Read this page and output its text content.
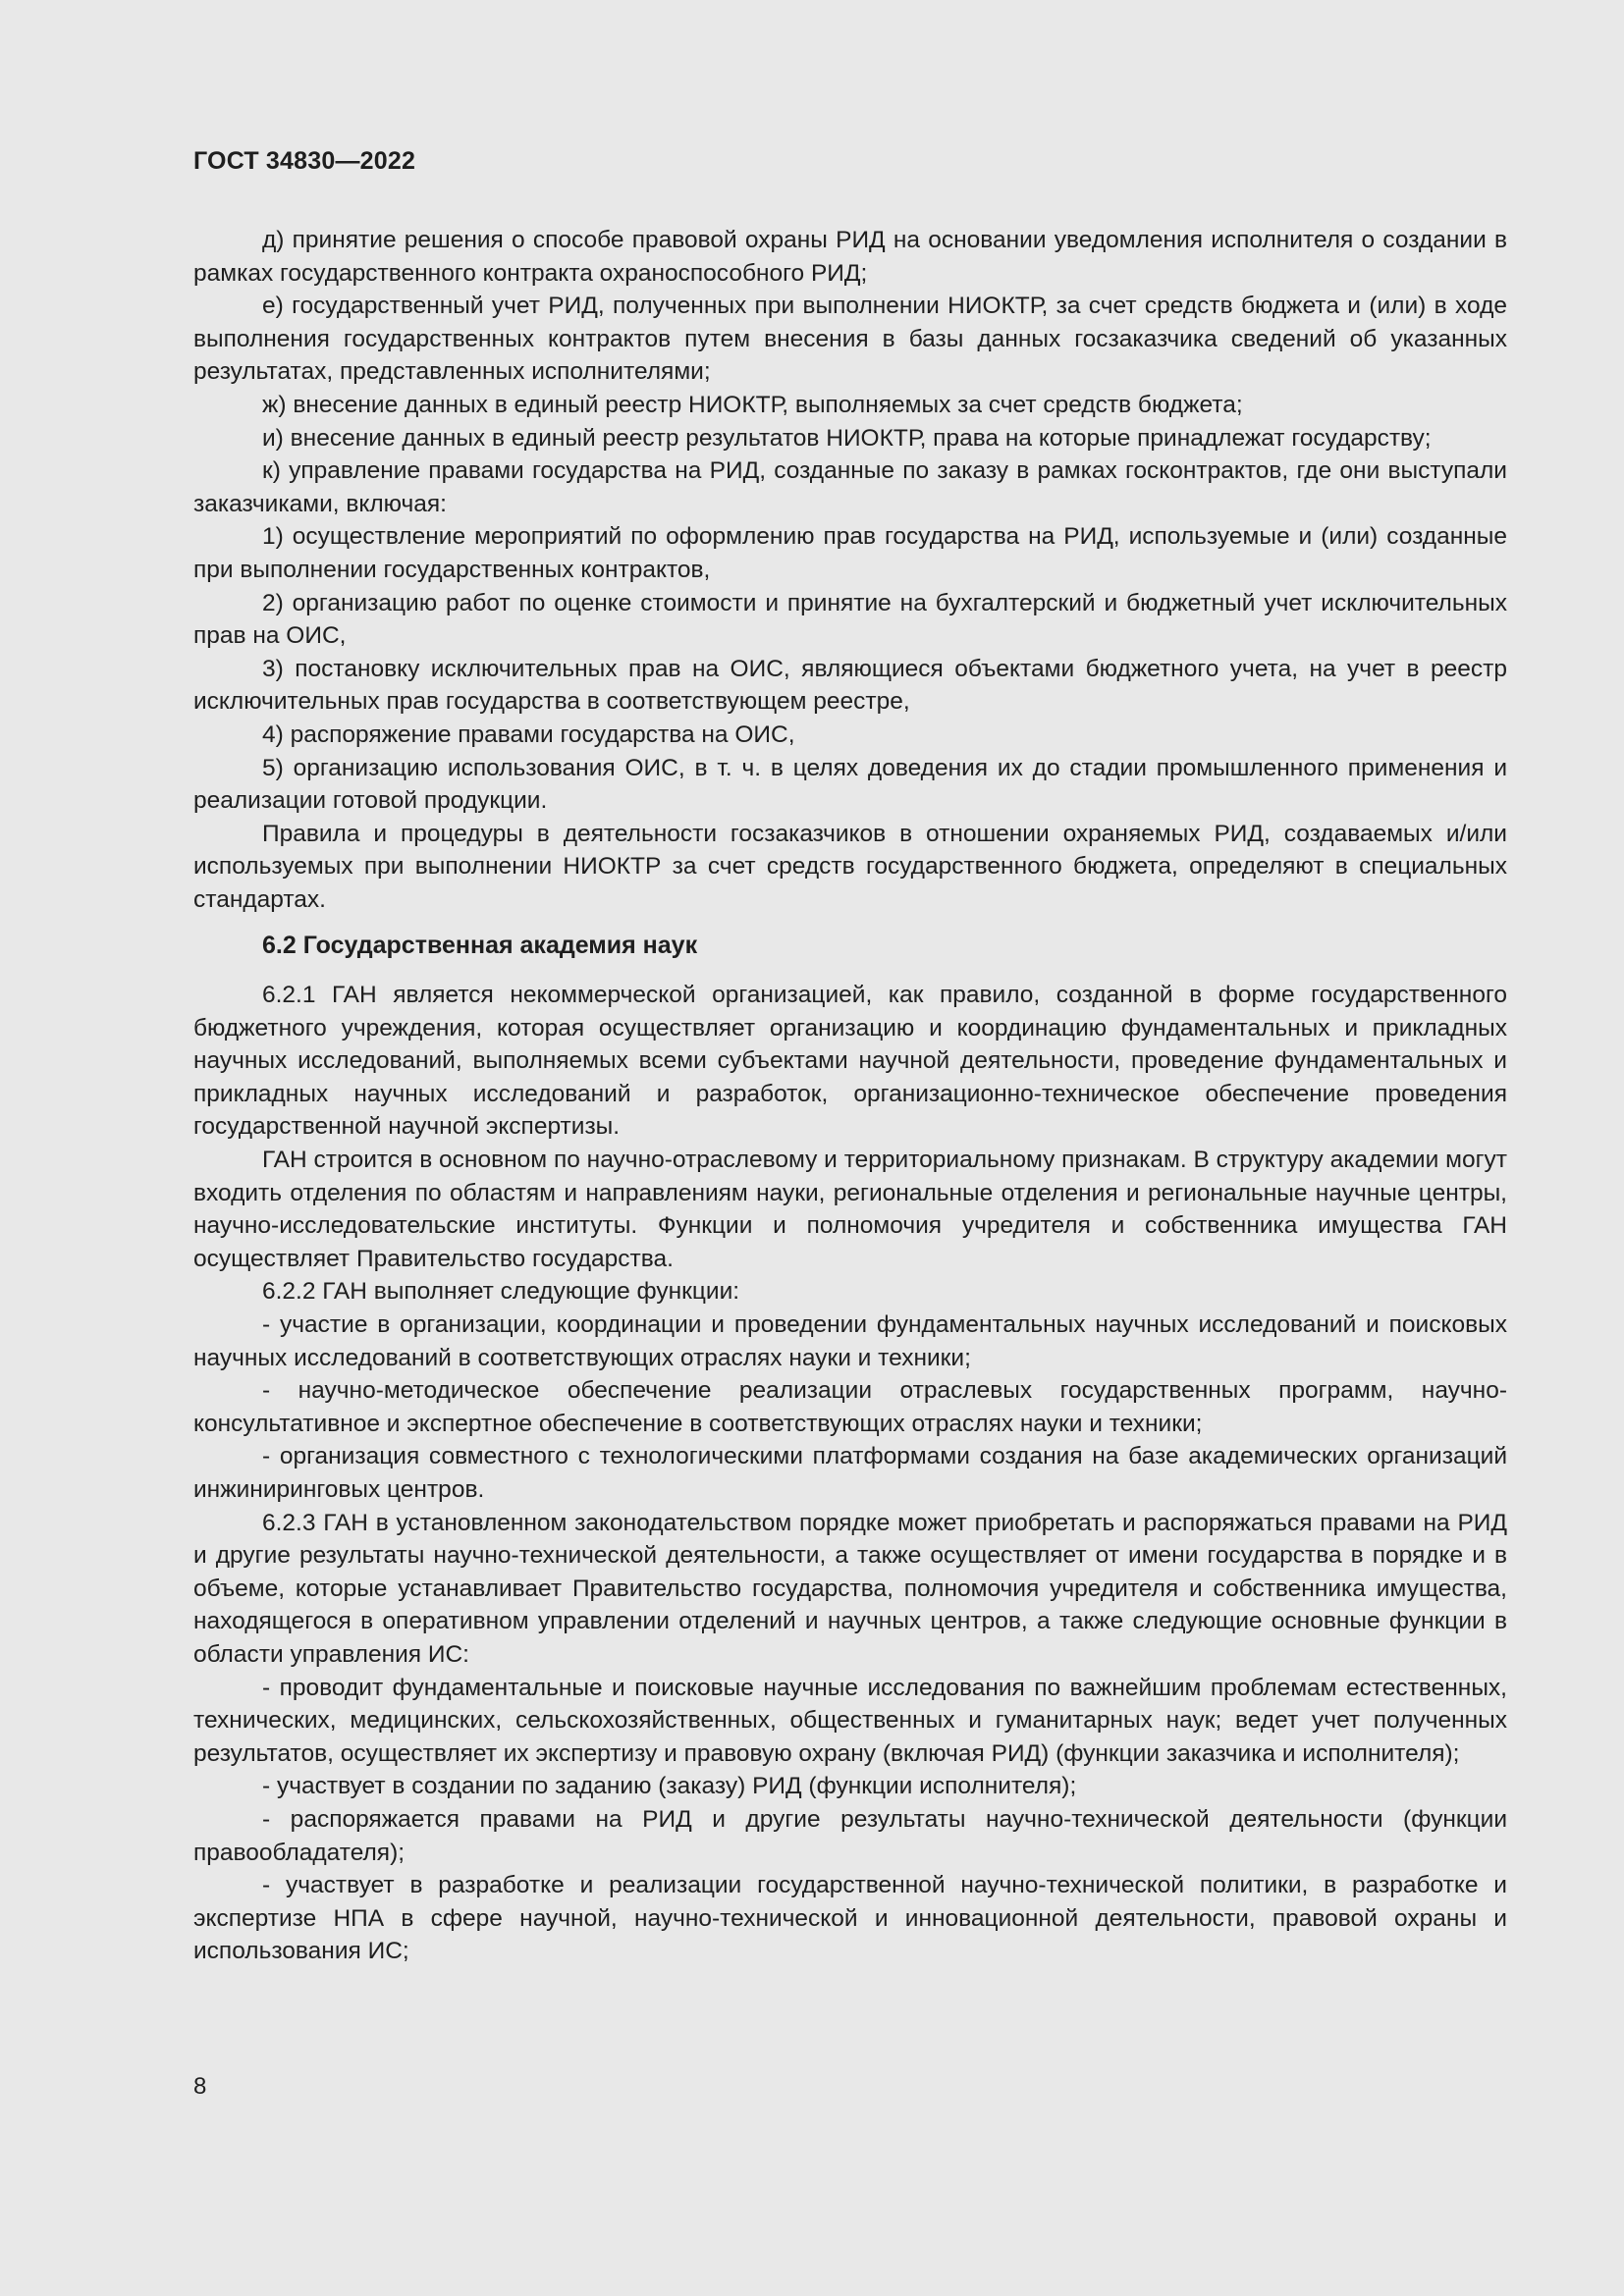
ГОСТ 34830—2022

д) принятие решения о способе правовой охраны РИД на основании уведомления исполнителя о создании в рамках государственного контракта охраноспособного РИД;

е) государственный учет РИД, полученных при выполнении НИОКТР, за счет средств бюджета и (или) в ходе выполнения государственных контрактов путем внесения в базы данных госзаказчика сведений об указанных результатах, представленных исполнителями;

ж) внесение данных в единый реестр НИОКТР, выполняемых за счет средств бюджета;

и) внесение данных в единый реестр результатов НИОКТР, права на которые принадлежат государству;

к) управление правами государства на РИД, созданные по заказу в рамках госконтрактов, где они выступали заказчиками, включая:

1) осуществление мероприятий по оформлению прав государства на РИД, используемые и (или) созданные при выполнении государственных контрактов,

2) организацию работ по оценке стоимости и принятие на бухгалтерский и бюджетный учет исключительных прав на ОИС,

3) постановку исключительных прав на ОИС, являющиеся объектами бюджетного учета, на учет в реестр исключительных прав государства в соответствующем реестре,

4) распоряжение правами государства на ОИС,

5) организацию использования ОИС, в т. ч. в целях доведения их до стадии промышленного применения и реализации готовой продукции.

Правила и процедуры в деятельности госзаказчиков в отношении охраняемых РИД, создаваемых и/или используемых при выполнении НИОКТР за счет средств государственного бюджета, определяют в специальных стандартах.

6.2 Государственная академия наук

6.2.1 ГАН является некоммерческой организацией, как правило, созданной в форме государственного бюджетного учреждения, которая осуществляет организацию и координацию фундаментальных и прикладных научных исследований, выполняемых всеми субъектами научной деятельности, проведение фундаментальных и прикладных научных исследований и разработок, организационно-техническое обеспечение проведения государственной научной экспертизы.

ГАН строится в основном по научно-отраслевому и территориальному признакам. В структуру академии могут входить отделения по областям и направлениям науки, региональные отделения и региональные научные центры, научно-исследовательские институты. Функции и полномочия учредителя и собственника имущества ГАН осуществляет Правительство государства.

6.2.2 ГАН выполняет следующие функции:

- участие в организации, координации и проведении фундаментальных научных исследований и поисковых научных исследований в соответствующих отраслях науки и техники;

- научно-методическое обеспечение реализации отраслевых государственных программ, научно-консультативное и экспертное обеспечение в соответствующих отраслях науки и техники;

- организация совместного с технологическими платформами создания на базе академических организаций инжиниринговых центров.

6.2.3 ГАН в установленном законодательством порядке может приобретать и распоряжаться правами на РИД и другие результаты научно-технической деятельности, а также осуществляет от имени государства в порядке и в объеме, которые устанавливает Правительство государства, полномочия учредителя и собственника имущества, находящегося в оперативном управлении отделений и научных центров, а также следующие основные функции в области управления ИС:

- проводит фундаментальные и поисковые научные исследования по важнейшим проблемам естественных, технических, медицинских, сельскохозяйственных, общественных и гуманитарных наук; ведет учет полученных результатов, осуществляет их экспертизу и правовую охрану (включая РИД) (функции заказчика и исполнителя);

- участвует в создании по заданию (заказу) РИД (функции исполнителя);

- распоряжается правами на РИД и другие результаты научно-технической деятельности (функции правообладателя);

- участвует в разработке и реализации государственной научно-технической политики, в разработке и экспертизе НПА в сфере научной, научно-технической и инновационной деятельности, правовой охраны и использования ИС;

8
